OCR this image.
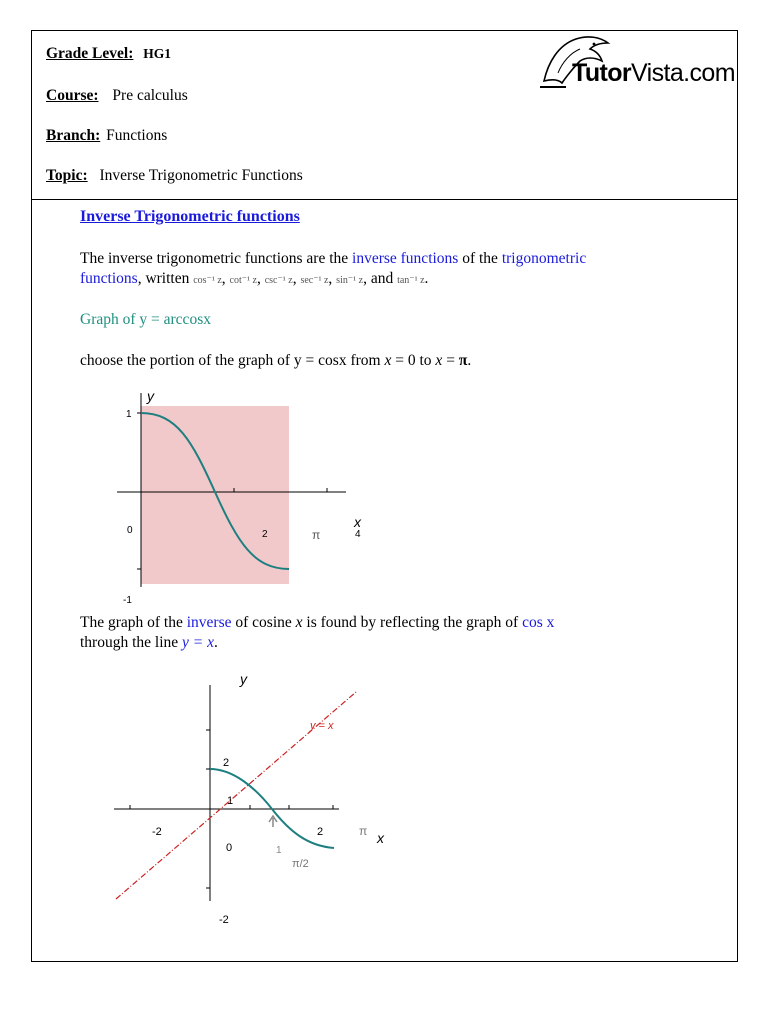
Grade Level: HG1
Course: Pre calculus
Branch: Functions
Topic: Inverse Trigonometric Functions
TutorVista.com
Inverse Trigonometric functions
The inverse trigonometric functions are the inverse functions of the trigonometric
functions, written cos⁻¹ z, cot⁻¹ z, csc⁻¹ z, sec⁻¹ z, sin⁻¹ z, and tan⁻¹ z.
Graph of y = arccosx
choose the portion of the graph of y = cosx from x = 0 to x = π.
y
x
1
-1
0	2	π	4
The graph of the inverse of cosine x is found by reflecting the graph of cos x
through the line y = x.
y
x
y = x
2
1
-2
-2
0	1
2	π
π/2
